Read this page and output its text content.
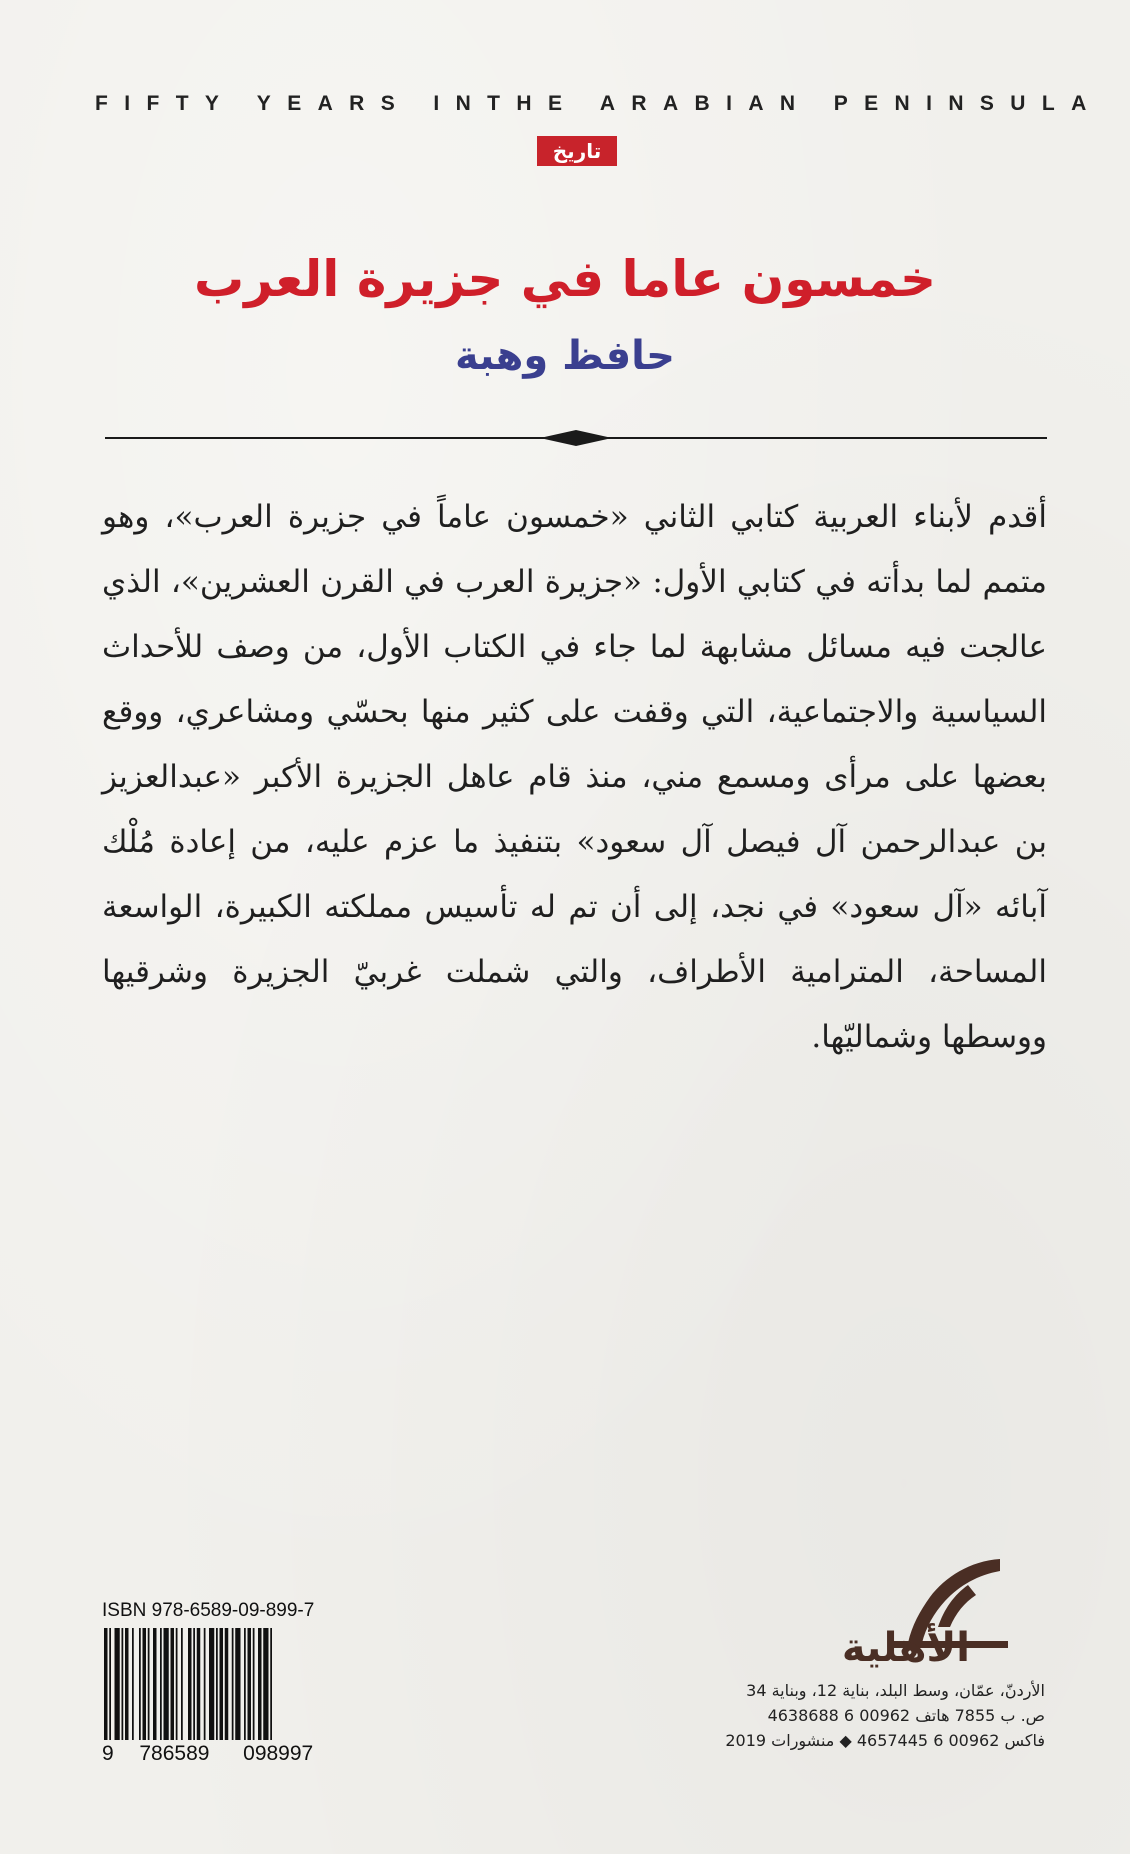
FIFTY YEARS INTHE ARABIAN PENINSULA
تاريخ
خمسون عاما في جزيرة العرب
حافظ وهبة
أقدم لأبناء العربية كتابي الثاني «خمسون عاماً في جزيرة العرب»، وهو متمم لما بدأته في كتابي الأول: «جزيرة العرب في القرن العشرين»، الذي عالجت فيه مسائل مشابهة لما جاء في الكتاب الأول، من وصف للأحداث السياسية والاجتماعية، التي وقفت على كثير منها بحسّي ومشاعري، ووقع بعضها على مرأى ومسمع مني، منذ قام عاهل الجزيرة الأكبر «عبدالعزيز بن عبدالرحمن آل فيصل آل سعود» بتنفيذ ما عزم عليه، من إعادة مُلْك آبائه «آل سعود» في نجد، إلى أن تم له تأسيس مملكته الكبيرة، الواسعة المساحة، المترامية الأطراف، والتي شملت غربيّ الجزيرة وشرقيها ووسطها وشماليّها.
ISBN 978-6589-09-899-7
9 786589 098997
الأهلية
الأردنّ، عمّان، وسط البلد، بناية 12، وبناية 34
ص. ب 7855 هاتف 00962 6 4638688
فاكس 00962 6 4657445 ◆ منشورات 2019
